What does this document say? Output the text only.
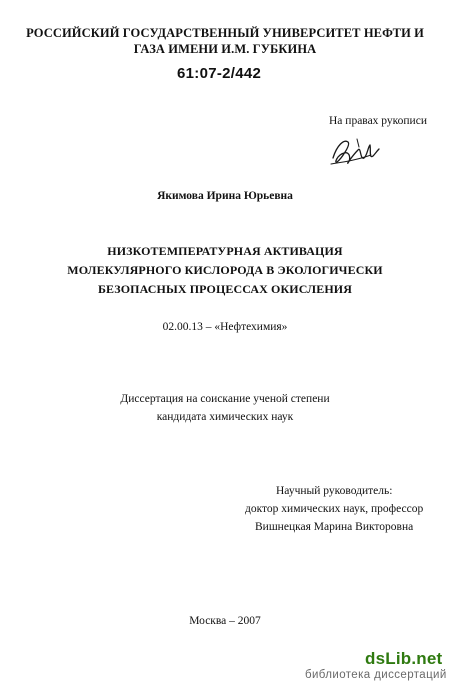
РОССИЙСКИЙ ГОСУДАРСТВЕННЫЙ УНИВЕРСИТЕТ НЕФТИ И
ГАЗА ИМЕНИ И.М. ГУБКИНА
61:07-2/442
На правах рукописи
Якимова Ирина Юрьевна
НИЗКОТЕМПЕРАТУРНАЯ АКТИВАЦИЯ
МОЛЕКУЛЯРНОГО КИСЛОРОДА В ЭКОЛОГИЧЕСКИ
БЕЗОПАСНЫХ ПРОЦЕССАХ ОКИСЛЕНИЯ
02.00.13 – «Нефтехимия»
Диссертация на соискание ученой степени
кандидата химических наук
Научный руководитель:
доктор химических наук, профессор
Вишнецкая Марина Викторовна
Москва – 2007
dsLib.net
библиотека диссертаций
